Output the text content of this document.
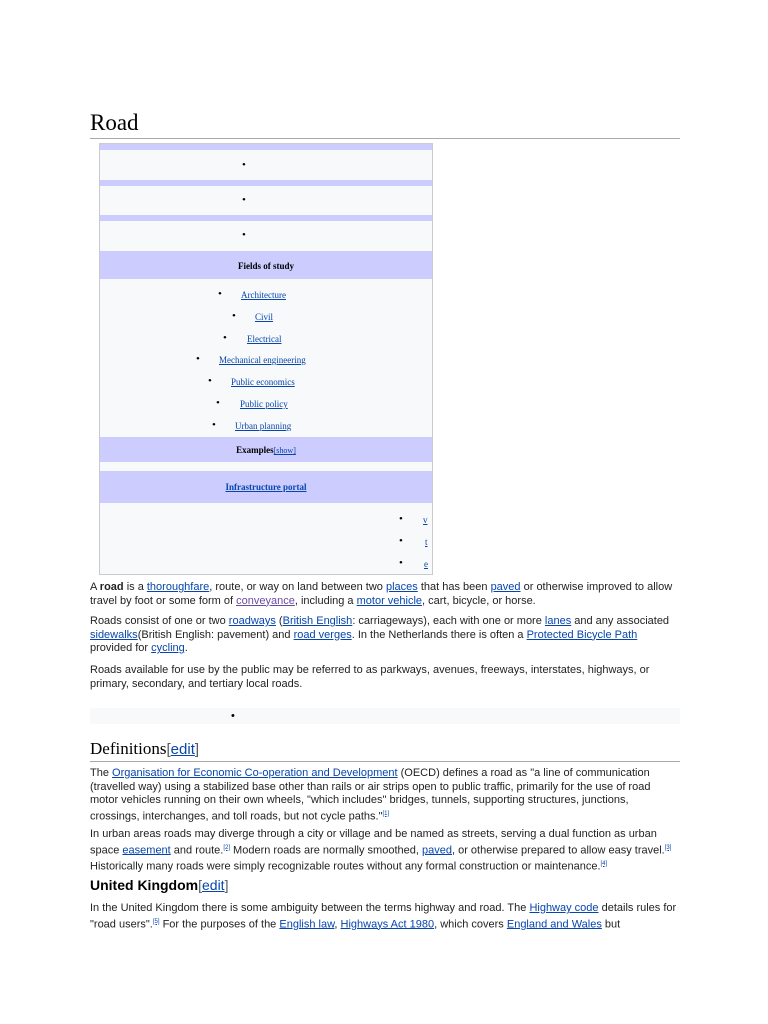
Road
•
•
•
Fields of study
• Architecture
• Civil
• Electrical
• Mechanical engineering
• Public economics
• Public policy
• Urban planning
Examples[show]
Infrastructure portal
• v
• t
• e

A road is a thoroughfare, route, or way on land between two places that has been paved or otherwise improved to allow travel by foot or some form of conveyance, including a motor vehicle, cart, bicycle, or horse.

Roads consist of one or two roadways (British English: carriageways), each with one or more lanes and any associated sidewalks(British English: pavement) and road verges. In the Netherlands there is often a Protected Bicycle Path provided for cycling.

Roads available for use by the public may be referred to as parkways, avenues, freeways, interstates, highways, or primary, secondary, and tertiary local roads.

•
Definitions[edit]

The Organisation for Economic Co-operation and Development (OECD) defines a road as "a line of communication (travelled way) using a stabilized base other than rails or air strips open to public traffic, primarily for the use of road motor vehicles running on their own wheels, "which includes" bridges, tunnels, supporting structures, junctions, crossings, interchanges, and toll roads, but not cycle paths."[1]

In urban areas roads may diverge through a city or village and be named as streets, serving a dual function as urban space easement and route.[2] Modern roads are normally smoothed, paved, or otherwise prepared to allow easy travel.[3] Historically many roads were simply recognizable routes without any formal construction or maintenance.[4]

United Kingdom[edit]

In the United Kingdom there is some ambiguity between the terms highway and road. The Highway code details rules for "road users".[5] For the purposes of the English law, Highways Act 1980, which covers England and Wales but
